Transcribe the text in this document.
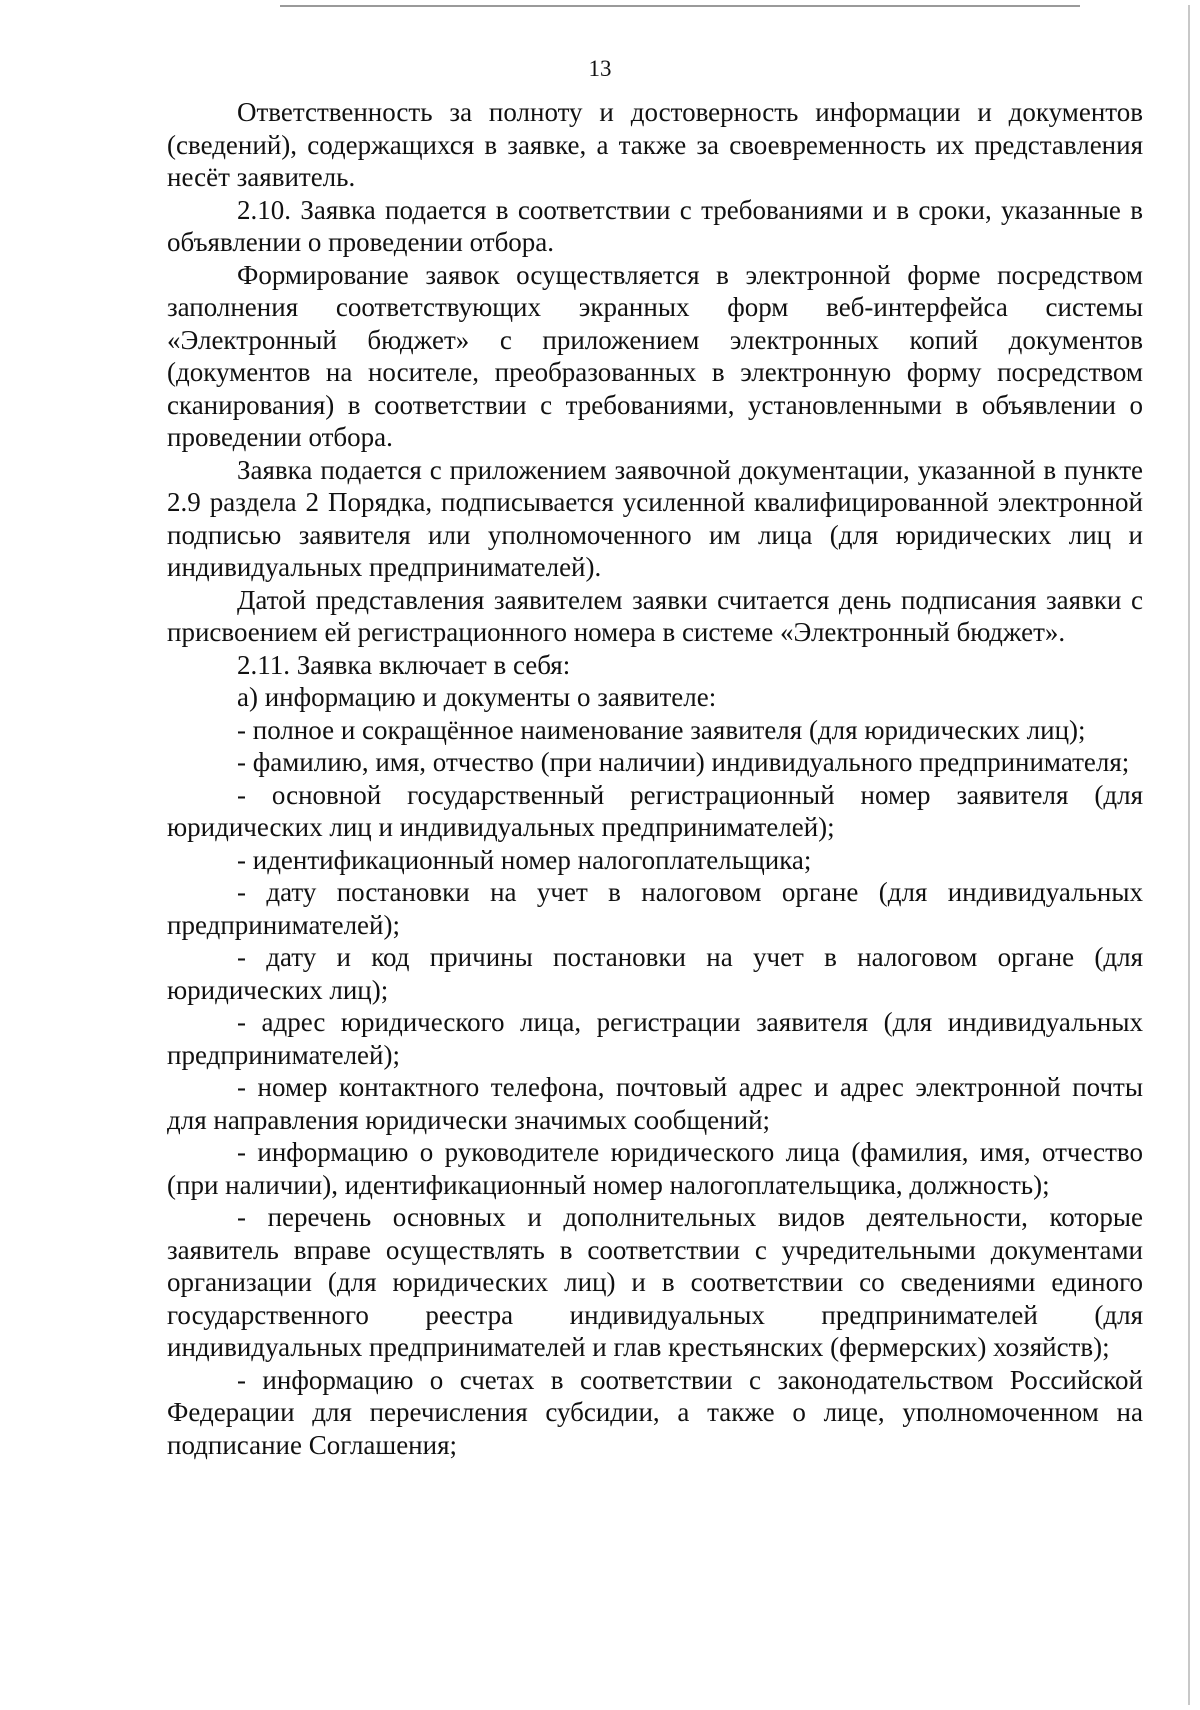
13

Ответственность за полноту и достоверность информации и документов (сведений), содержащихся в заявке, а также за своевременность их представления несёт заявитель.

2.10. Заявка подается в соответствии с требованиями и в сроки, указанные в объявлении о проведении отбора.

Формирование заявок осуществляется в электронной форме посредством заполнения соответствующих экранных форм веб-интерфейса системы «Электронный бюджет» с приложением электронных копий документов (документов на носителе, преобразованных в электронную форму посредством сканирования) в соответствии с требованиями, установленными в объявлении о проведении отбора.

Заявка подается с приложением заявочной документации, указанной в пункте 2.9 раздела 2 Порядка, подписывается усиленной квалифицированной электронной подписью заявителя или уполномоченного им лица (для юридических лиц и индивидуальных предпринимателей).

Датой представления заявителем заявки считается день подписания заявки с присвоением ей регистрационного номера в системе «Электронный бюджет».

2.11. Заявка включает в себя:

а) информацию и документы о заявителе:

- полное и сокращённое наименование заявителя (для юридических лиц);

- фамилию, имя, отчество (при наличии) индивидуального предпринимателя;

- основной государственный регистрационный номер заявителя (для юридических лиц и индивидуальных предпринимателей);

- идентификационный номер налогоплательщика;

- дату постановки на учет в налоговом органе (для индивидуальных предпринимателей);

- дату и код причины постановки на учет в налоговом органе (для юридических лиц);

- адрес юридического лица, регистрации заявителя (для индивидуальных предпринимателей);

- номер контактного телефона, почтовый адрес и адрес электронной почты для направления юридически значимых сообщений;

- информацию о руководителе юридического лица (фамилия, имя, отчество (при наличии), идентификационный номер налогоплательщика, должность);

- перечень основных и дополнительных видов деятельности, которые заявитель вправе осуществлять в соответствии с учредительными документами организации (для юридических лиц) и в соответствии со сведениями единого государственного реестра индивидуальных предпринимателей (для индивидуальных предпринимателей и глав крестьянских (фермерских) хозяйств);

- информацию о счетах в соответствии с законодательством Российской Федерации для перечисления субсидии, а также о лице, уполномоченном на подписание Соглашения;
